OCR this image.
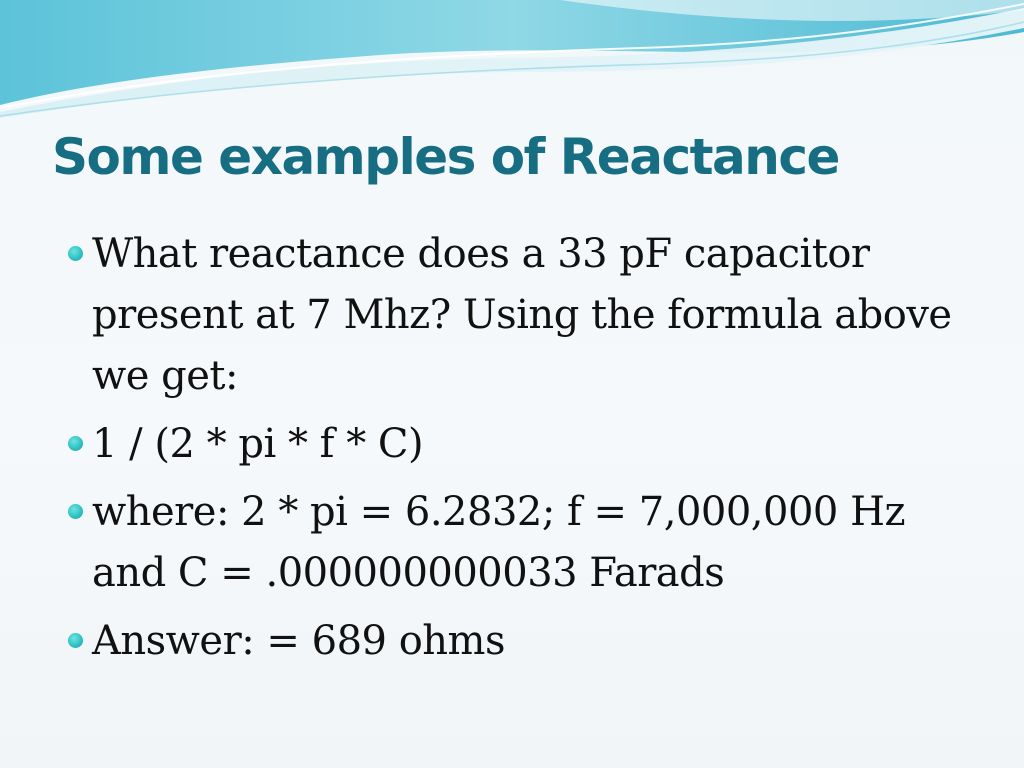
Some examples of Reactance
What reactance does a 33 pF capacitor present at 7 Mhz? Using the formula above we get:
1 / (2 * pi * f * C)
where: 2 * pi = 6.2832; f = 7,000,000 Hz and C = .000000000033 Farads
Answer: = 689 ohms
